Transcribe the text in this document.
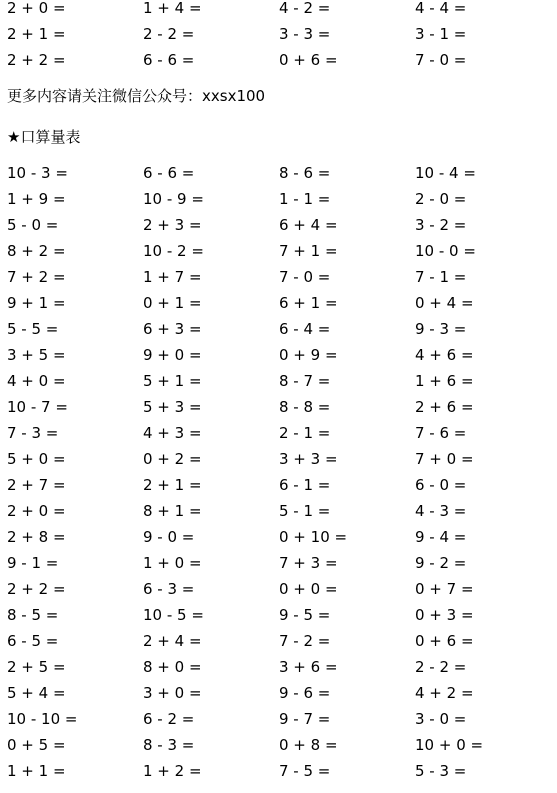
2 + 0 =	1 + 4 =	4 - 2 =	4 - 4 =
2 + 1 =	2 - 2 =	3 - 3 =	3 - 1 =
2 + 2 =	6 - 6 =	0 + 6 =	7 - 0 =
更多内容请关注微信公众号：xxsx100
★口算量表
10 - 3 =	6 - 6 =	8 - 6 =	10 - 4 =
1 + 9 =	10 - 9 =	1 - 1 =	2 - 0 =
5 - 0 =	2 + 3 =	6 + 4 =	3 - 2 =
8 + 2 =	10 - 2 =	7 + 1 =	10 - 0 =
7 + 2 =	1 + 7 =	7 - 0 =	7 - 1 =
9 + 1 =	0 + 1 =	6 + 1 =	0 + 4 =
5 - 5 =	6 + 3 =	6 - 4 =	9 - 3 =
3 + 5 =	9 + 0 =	0 + 9 =	4 + 6 =
4 + 0 =	5 + 1 =	8 - 7 =	1 + 6 =
10 - 7 =	5 + 3 =	8 - 8 =	2 + 6 =
7 - 3 =	4 + 3 =	2 - 1 =	7 - 6 =
5 + 0 =	0 + 2 =	3 + 3 =	7 + 0 =
2 + 7 =	2 + 1 =	6 - 1 =	6 - 0 =
2 + 0 =	8 + 1 =	5 - 1 =	4 - 3 =
2 + 8 =	9 - 0 =	0 + 10 =	9 - 4 =
9 - 1 =	1 + 0 =	7 + 3 =	9 - 2 =
2 + 2 =	6 - 3 =	0 + 0 =	0 + 7 =
8 - 5 =	10 - 5 =	9 - 5 =	0 + 3 =
6 - 5 =	2 + 4 =	7 - 2 =	0 + 6 =
2 + 5 =	8 + 0 =	3 + 6 =	2 - 2 =
5 + 4 =	3 + 0 =	9 - 6 =	4 + 2 =
10 - 10 =	6 - 2 =	9 - 7 =	3 - 0 =
0 + 5 =	8 - 3 =	0 + 8 =	10 + 0 =
1 + 1 =	1 + 2 =	7 - 5 =	5 - 3 =
